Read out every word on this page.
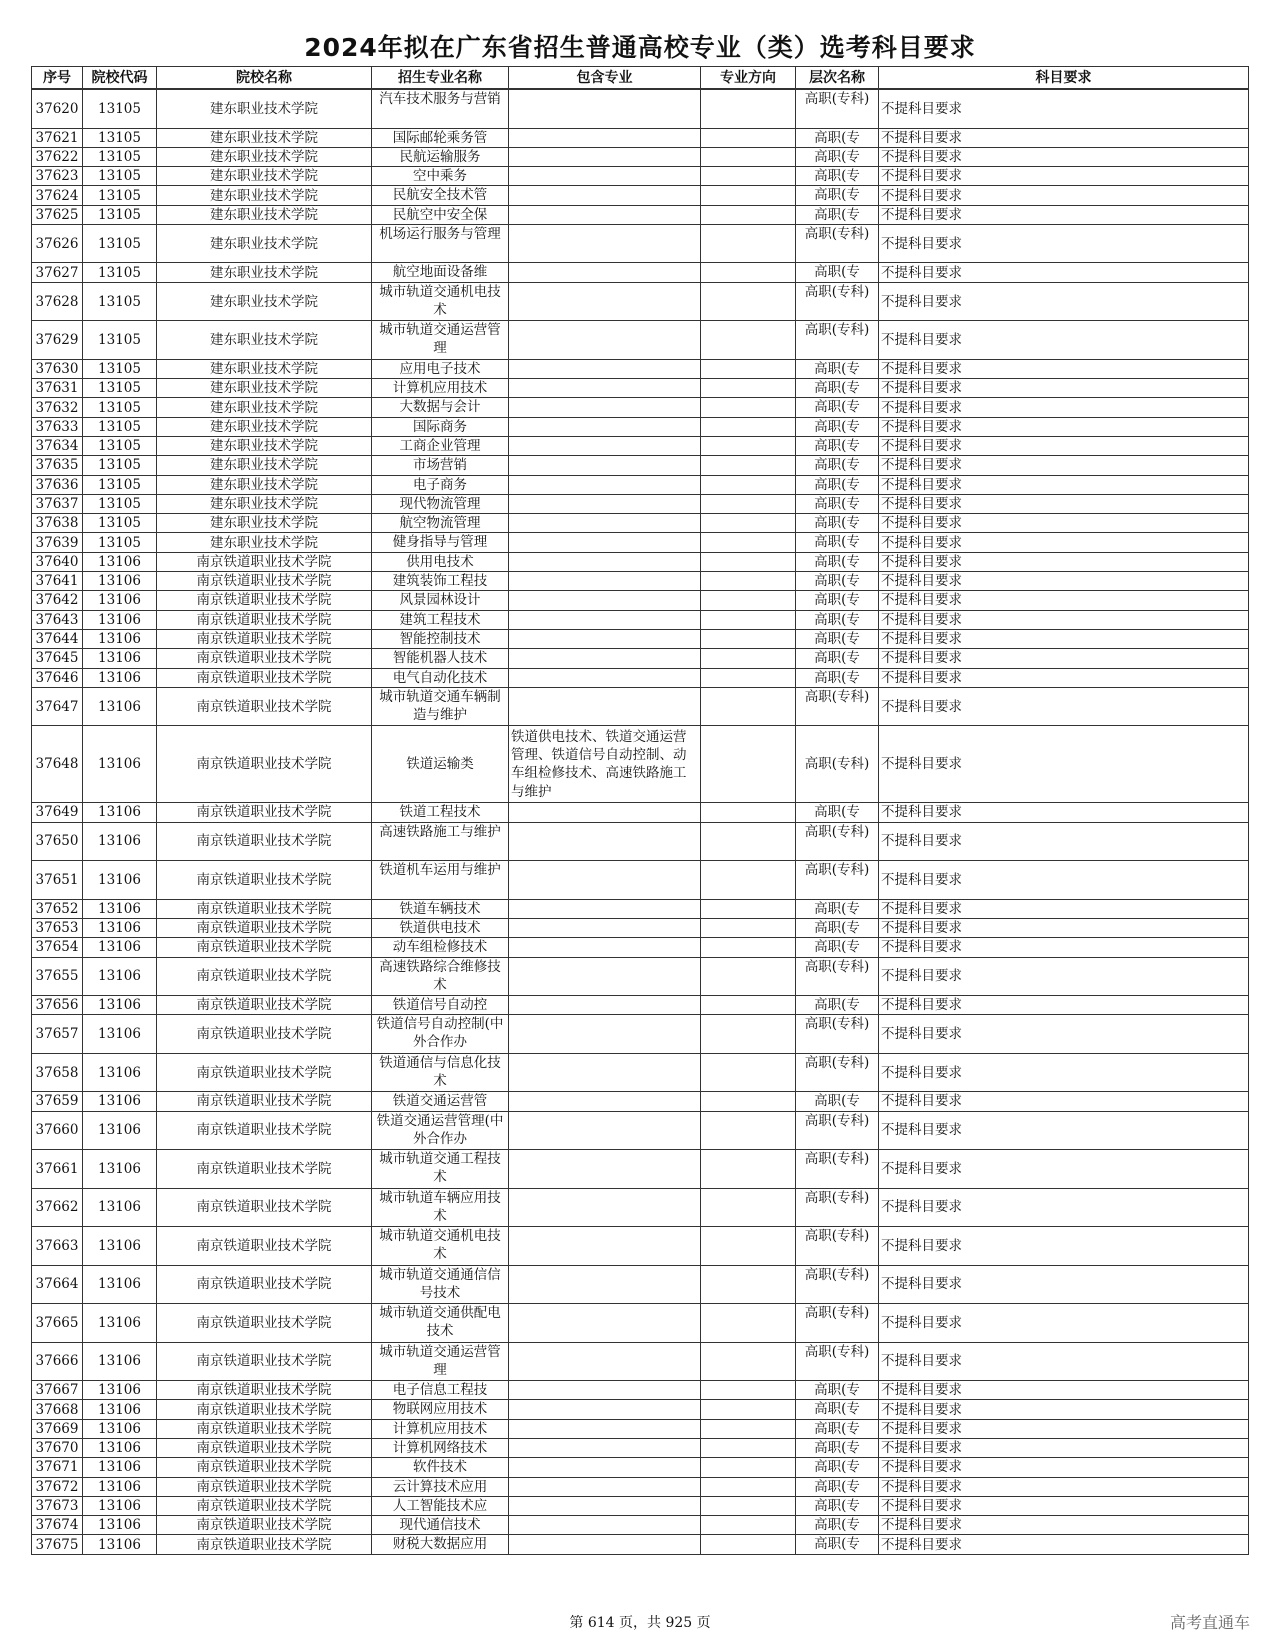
2024年拟在广东省招生普通高校专业（类）选考科目要求
序号	院校代码	院校名称	招生专业名称	包含专业	专业方向	层次名称	科目要求

37620	13105	建东职业技术学院	汽车技术服务与营销			高职(专科)	不提科目要求

37621	13105	建东职业技术学院	国际邮轮乘务管			高职(专	不提科目要求

37622	13105	建东职业技术学院	民航运输服务			高职(专	不提科目要求

37623	13105	建东职业技术学院	空中乘务			高职(专	不提科目要求

37624	13105	建东职业技术学院	民航安全技术管			高职(专	不提科目要求

37625	13105	建东职业技术学院	民航空中安全保			高职(专	不提科目要求

37626	13105	建东职业技术学院	机场运行服务与管理			高职(专科)	不提科目要求

37627	13105	建东职业技术学院	航空地面设备维			高职(专	不提科目要求

37628	13105	建东职业技术学院	城市轨道交通机电技术			高职(专科)	不提科目要求

37629	13105	建东职业技术学院	城市轨道交通运营管理			高职(专科)	不提科目要求

37630	13105	建东职业技术学院	应用电子技术			高职(专	不提科目要求

37631	13105	建东职业技术学院	计算机应用技术			高职(专	不提科目要求

37632	13105	建东职业技术学院	大数据与会计			高职(专	不提科目要求

37633	13105	建东职业技术学院	国际商务			高职(专	不提科目要求

37634	13105	建东职业技术学院	工商企业管理			高职(专	不提科目要求

37635	13105	建东职业技术学院	市场营销			高职(专	不提科目要求

37636	13105	建东职业技术学院	电子商务			高职(专	不提科目要求

37637	13105	建东职业技术学院	现代物流管理			高职(专	不提科目要求

37638	13105	建东职业技术学院	航空物流管理			高职(专	不提科目要求

37639	13105	建东职业技术学院	健身指导与管理			高职(专	不提科目要求

37640	13106	南京铁道职业技术学院	供用电技术			高职(专	不提科目要求

37641	13106	南京铁道职业技术学院	建筑装饰工程技			高职(专	不提科目要求

37642	13106	南京铁道职业技术学院	风景园林设计			高职(专	不提科目要求

37643	13106	南京铁道职业技术学院	建筑工程技术			高职(专	不提科目要求

37644	13106	南京铁道职业技术学院	智能控制技术			高职(专	不提科目要求

37645	13106	南京铁道职业技术学院	智能机器人技术			高职(专	不提科目要求

37646	13106	南京铁道职业技术学院	电气自动化技术			高职(专	不提科目要求

37647	13106	南京铁道职业技术学院	城市轨道交通车辆制造与维护			高职(专科)	不提科目要求

37648	13106	南京铁道职业技术学院	铁道运输类	铁道供电技术、铁道交通运营管理、铁道信号自动控制、动车组检修技术、高速铁路施工与维护		高职(专科)	不提科目要求

37649	13106	南京铁道职业技术学院	铁道工程技术			高职(专	不提科目要求

37650	13106	南京铁道职业技术学院	高速铁路施工与维护			高职(专科)	不提科目要求

37651	13106	南京铁道职业技术学院	铁道机车运用与维护			高职(专科)	不提科目要求

37652	13106	南京铁道职业技术学院	铁道车辆技术			高职(专	不提科目要求

37653	13106	南京铁道职业技术学院	铁道供电技术			高职(专	不提科目要求

37654	13106	南京铁道职业技术学院	动车组检修技术			高职(专	不提科目要求

37655	13106	南京铁道职业技术学院	高速铁路综合维修技术			高职(专科)	不提科目要求

37656	13106	南京铁道职业技术学院	铁道信号自动控			高职(专	不提科目要求

37657	13106	南京铁道职业技术学院	铁道信号自动控制(中外合作办			高职(专科)	不提科目要求

37658	13106	南京铁道职业技术学院	铁道通信与信息化技术			高职(专科)	不提科目要求

37659	13106	南京铁道职业技术学院	铁道交通运营管			高职(专	不提科目要求

37660	13106	南京铁道职业技术学院	铁道交通运营管理(中外合作办			高职(专科)	不提科目要求

37661	13106	南京铁道职业技术学院	城市轨道交通工程技术			高职(专科)	不提科目要求

37662	13106	南京铁道职业技术学院	城市轨道车辆应用技术			高职(专科)	不提科目要求

37663	13106	南京铁道职业技术学院	城市轨道交通机电技术			高职(专科)	不提科目要求

37664	13106	南京铁道职业技术学院	城市轨道交通通信信号技术			高职(专科)	不提科目要求

37665	13106	南京铁道职业技术学院	城市轨道交通供配电技术			高职(专科)	不提科目要求

37666	13106	南京铁道职业技术学院	城市轨道交通运营管理			高职(专科)	不提科目要求

37667	13106	南京铁道职业技术学院	电子信息工程技			高职(专	不提科目要求

37668	13106	南京铁道职业技术学院	物联网应用技术			高职(专	不提科目要求

37669	13106	南京铁道职业技术学院	计算机应用技术			高职(专	不提科目要求

37670	13106	南京铁道职业技术学院	计算机网络技术			高职(专	不提科目要求

37671	13106	南京铁道职业技术学院	软件技术			高职(专	不提科目要求

37672	13106	南京铁道职业技术学院	云计算技术应用			高职(专	不提科目要求

37673	13106	南京铁道职业技术学院	人工智能技术应			高职(专	不提科目要求

37674	13106	南京铁道职业技术学院	现代通信技术			高职(专	不提科目要求

37675	13106	南京铁道职业技术学院	财税大数据应用			高职(专	不提科目要求
第 614 页，共 925 页	高考直通车
